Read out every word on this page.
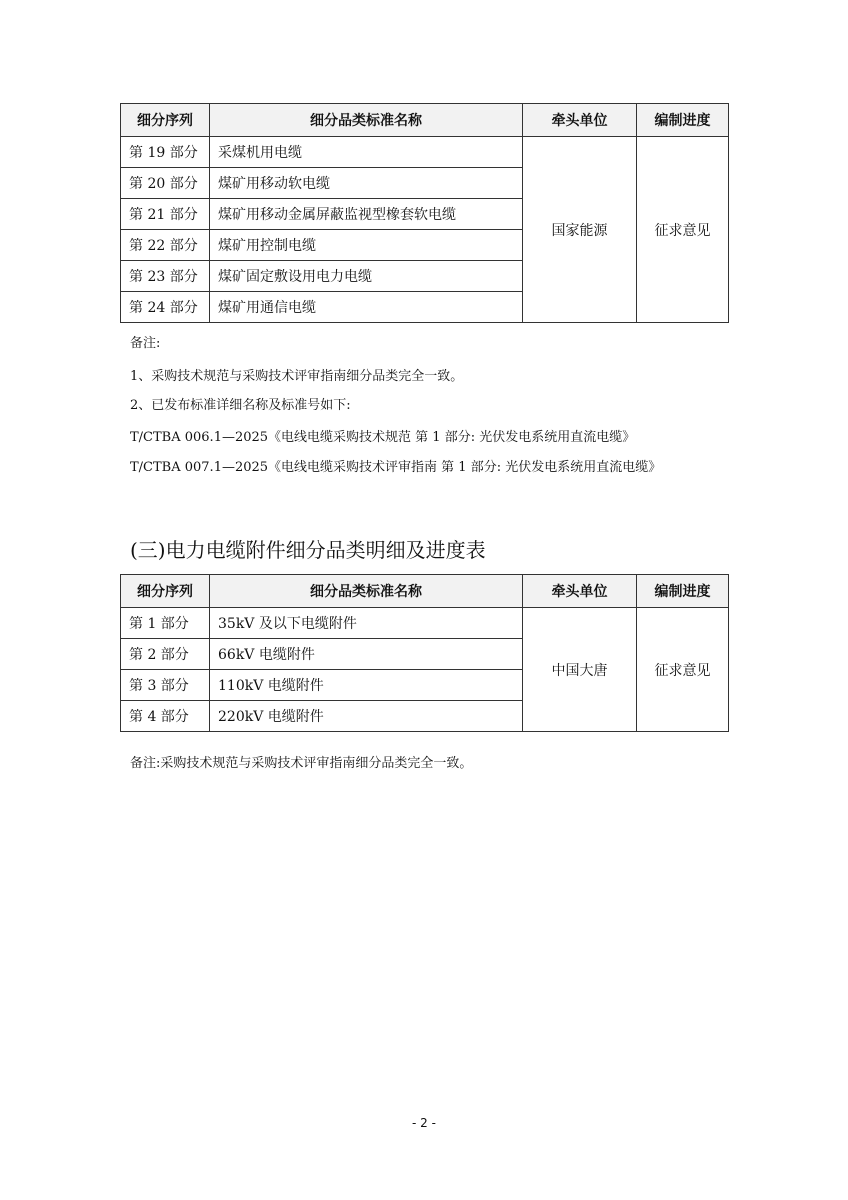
细分序列	细分品类标准名称	牵头单位	编制进度
第 19 部分	采煤机用电缆	国家能源	征求意见
第 20 部分	煤矿用移动软电缆		
第 21 部分	煤矿用移动金属屏蔽监视型橡套软电缆		
第 22 部分	煤矿用控制电缆		
第 23 部分	煤矿固定敷设用电力电缆		
第 24 部分	煤矿用通信电缆		
备注:
1、采购技术规范与采购技术评审指南细分品类完全一致。
2、已发布标准详细名称及标准号如下:
T/CTBA 006.1—2025《电线电缆采购技术规范 第 1 部分: 光伏发电系统用直流电缆》
T/CTBA 007.1—2025《电线电缆采购技术评审指南 第 1 部分: 光伏发电系统用直流电缆》
(三)电力电缆附件细分品类明细及进度表
细分序列	细分品类标准名称	牵头单位	编制进度
第 1 部分	35kV 及以下电缆附件	中国大唐	征求意见
第 2 部分	66kV 电缆附件		
第 3 部分	110kV 电缆附件		
第 4 部分	220kV 电缆附件		
备注:采购技术规范与采购技术评审指南细分品类完全一致。
- 2 -
